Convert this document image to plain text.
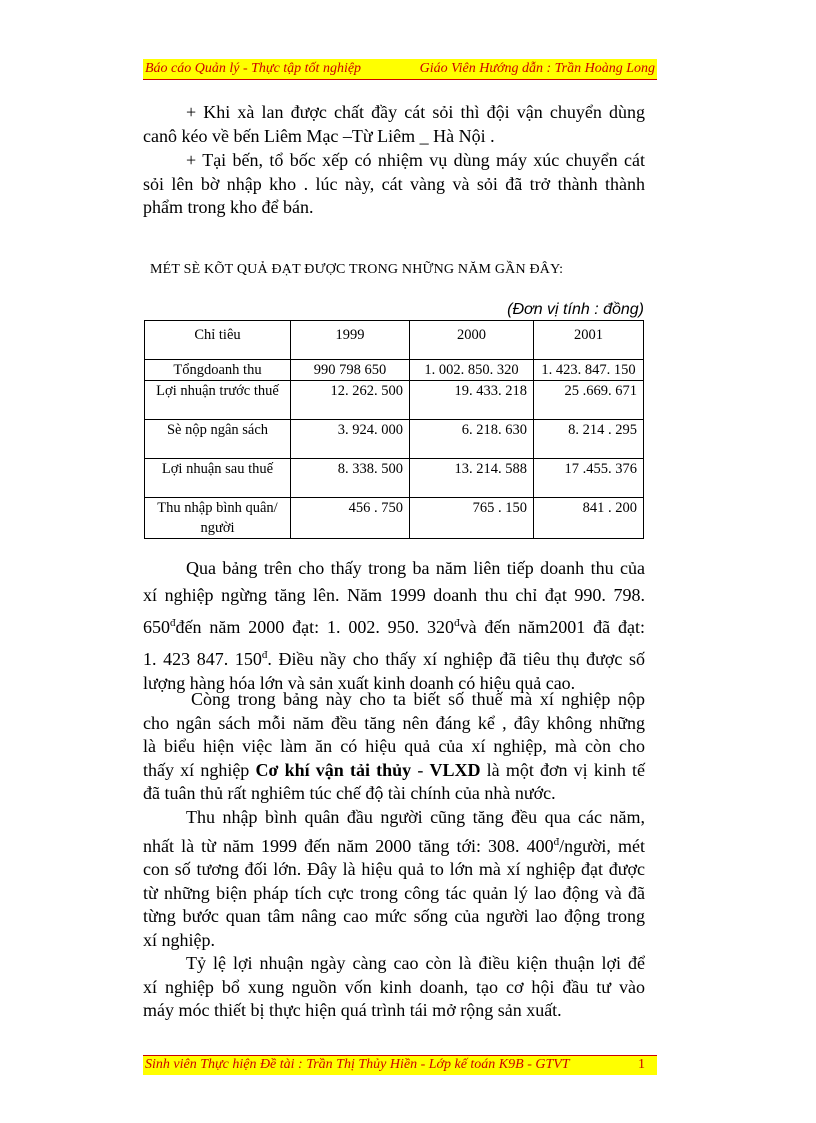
Báo cáo Quản lý - Thực tập tốt nghiệp	Giáo Viên Hướng dẫn : Trần Hoàng Long
+ Khi xà lan được chất đầy cát sỏi thì đội vận chuyển dùng
canô kéo về bến Liêm Mạc –Từ Liêm _ Hà Nội .
+ Tại bến, tổ bốc xếp có nhiệm vụ dùng máy xúc chuyển cát
sỏi lên bờ nhập kho . lúc này, cát vàng và sỏi đã trở thành thành
phẩm trong kho để bán.
MÉT SÈ KÕT QUẢ ĐẠT ĐƯỢC TRONG NHỮNG NĂM GẦN ĐÂY:
(Đơn vị tính : đồng)
Chỉ tiêu	1999	2000	2001
Tổngdoanh thu	990 798 650	1. 002. 850. 320	1. 423. 847. 150
Lợi nhuận trước thuế	12. 262. 500	19. 433. 218	25 .669. 671
Sè nộp ngân sách	3. 924. 000	6. 218. 630	8. 214 . 295
Lợi nhuận sau thuế	8. 338. 500	13. 214. 588	17 .455. 376
Thu nhập bình quân/ người	456 . 750	765 . 150	841 . 200
Qua bảng trên cho thấy trong ba năm liên tiếp doanh thu của
xí nghiệp ngừng tăng lên. Năm 1999 doanh thu chỉ đạt 990. 798.
$650^đđến$ năm 2000 đạt: 1. 002. 950. $320^đvà$ đến năm2001 đã đạt:
1. 423 847. $150^đ$. Điều nầy cho thấy xí nghiệp đã tiêu thụ được số
lượng hàng hóa lớn và sản xuất kinh doanh có hiệu quả cao.
Còng trong bảng này cho ta biết số thuế mà xí nghiệp nộp
cho ngân sách mỗi năm đều tăng nên đáng kể , đây không những
là biểu hiện việc làm ăn có hiệu quả của xí nghiệp, mà còn cho
thấy xí nghiệp Cơ khí vận tải thủy - VLXD là một đơn vị kinh tế
đã tuân thủ rất nghiêm túc chế độ tài chính của nhà nước.
Thu nhập bình quân đầu người cũng tăng đều qua các năm,
nhất là từ năm 1999 đến năm 2000 tăng tới: 308. $400^đ$/người, mét
con số tương đối lớn. Đây là hiệu quả to lớn mà xí nghiệp đạt được
từ những biện pháp tích cực trong công tác quản lý lao động và đã
từng bước quan tâm nâng cao mức sống của người lao động trong
xí nghiệp.
Tỷ lệ lợi nhuận ngày càng cao còn là điều kiện thuận lợi để
xí nghiệp bổ xung nguồn vốn kinh doanh, tạo cơ hội đầu tư vào
máy móc thiết bị thực hiện quá trình tái mở rộng sản xuất.
Sinh viên Thực hiện Đề tài : Trần Thị Thủy Hiền - Lớp kế toán K9B - GTVT	1
